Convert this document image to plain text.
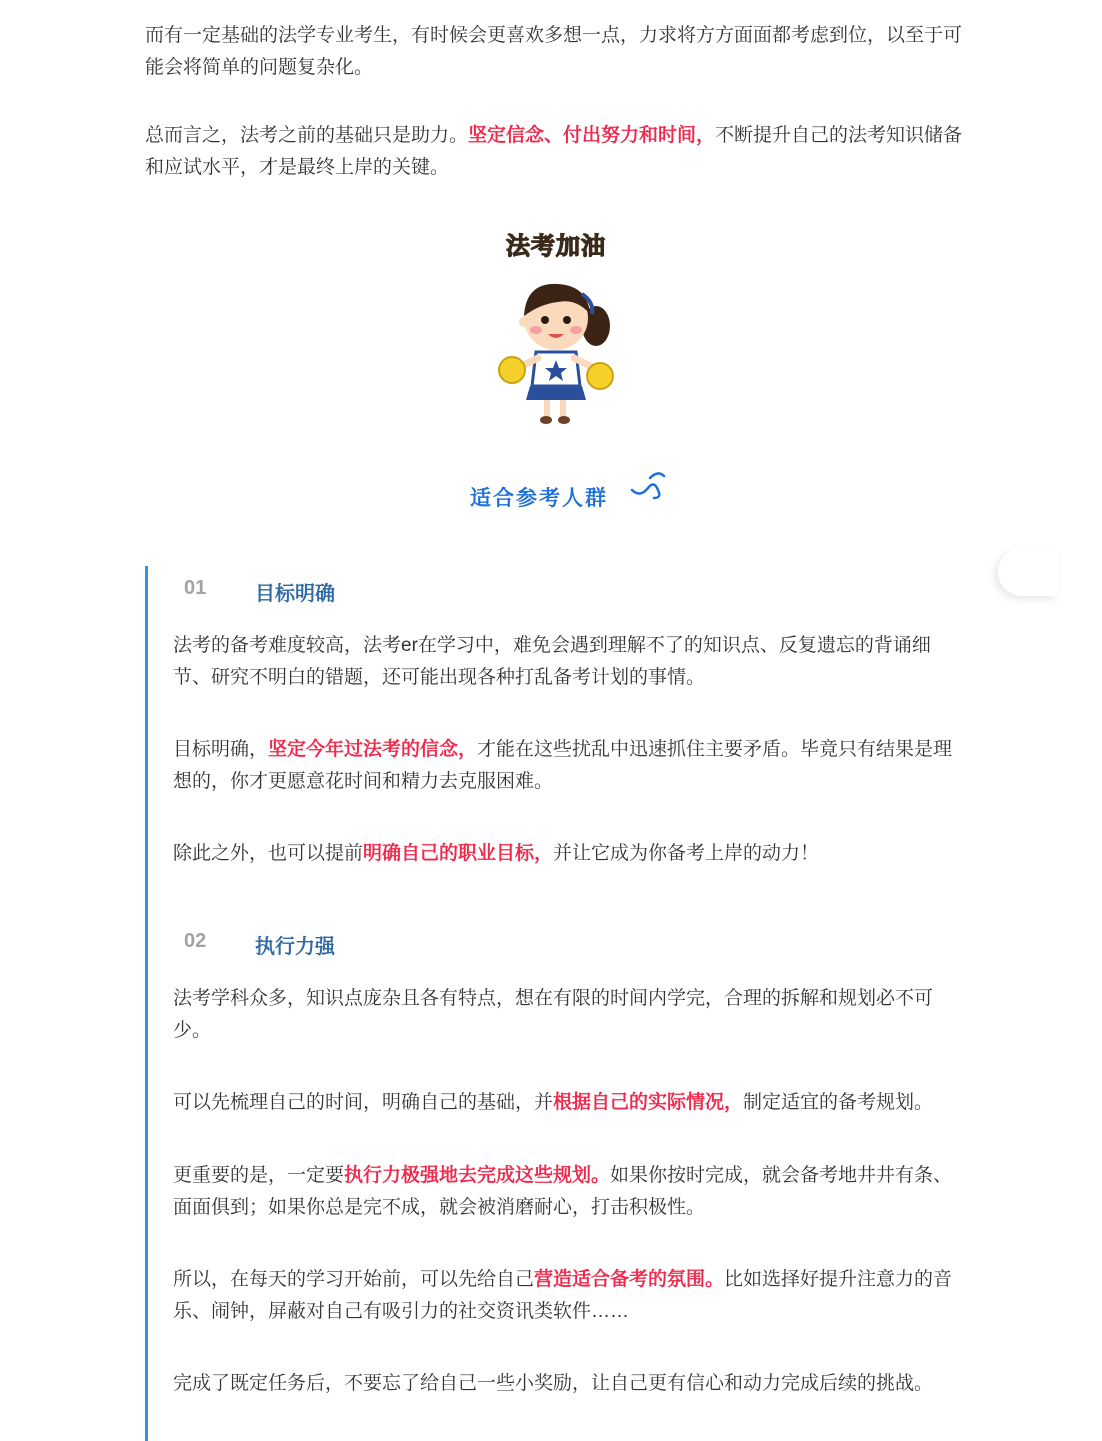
而有一定基础的法学专业考生，有时候会更喜欢多想一点，力求将方方面面都考虑到位，以至于可能会将简单的问题复杂化。

总而言之，法考之前的基础只是助力。坚定信念、付出努力和时间，不断提升自己的法考知识储备和应试水平，才是最终上岸的关键。

法考加油
适合参考人群
01 目标明确

法考的备考难度较高，法考er在学习中，难免会遇到理解不了的知识点、反复遗忘的背诵细节、研究不明白的错题，还可能出现各种打乱备考计划的事情。

目标明确，坚定今年过法考的信念，才能在这些扰乱中迅速抓住主要矛盾。毕竟只有结果是理想的，你才更愿意花时间和精力去克服困难。

除此之外，也可以提前明确自己的职业目标，并让它成为你备考上岸的动力！

02 执行力强

法考学科众多，知识点庞杂且各有特点，想在有限的时间内学完，合理的拆解和规划必不可少。

可以先梳理自己的时间，明确自己的基础，并根据自己的实际情况，制定适宜的备考规划。

更重要的是，一定要执行力极强地去完成这些规划。如果你按时完成，就会备考地井井有条、面面俱到；如果你总是完不成，就会被消磨耐心，打击积极性。

所以，在每天的学习开始前，可以先给自己营造适合备考的氛围。比如选择好提升注意力的音乐、闹钟，屏蔽对自己有吸引力的社交资讯类软件……

完成了既定任务后，不要忘了给自己一些小奖励，让自己更有信心和动力完成后续的挑战。
